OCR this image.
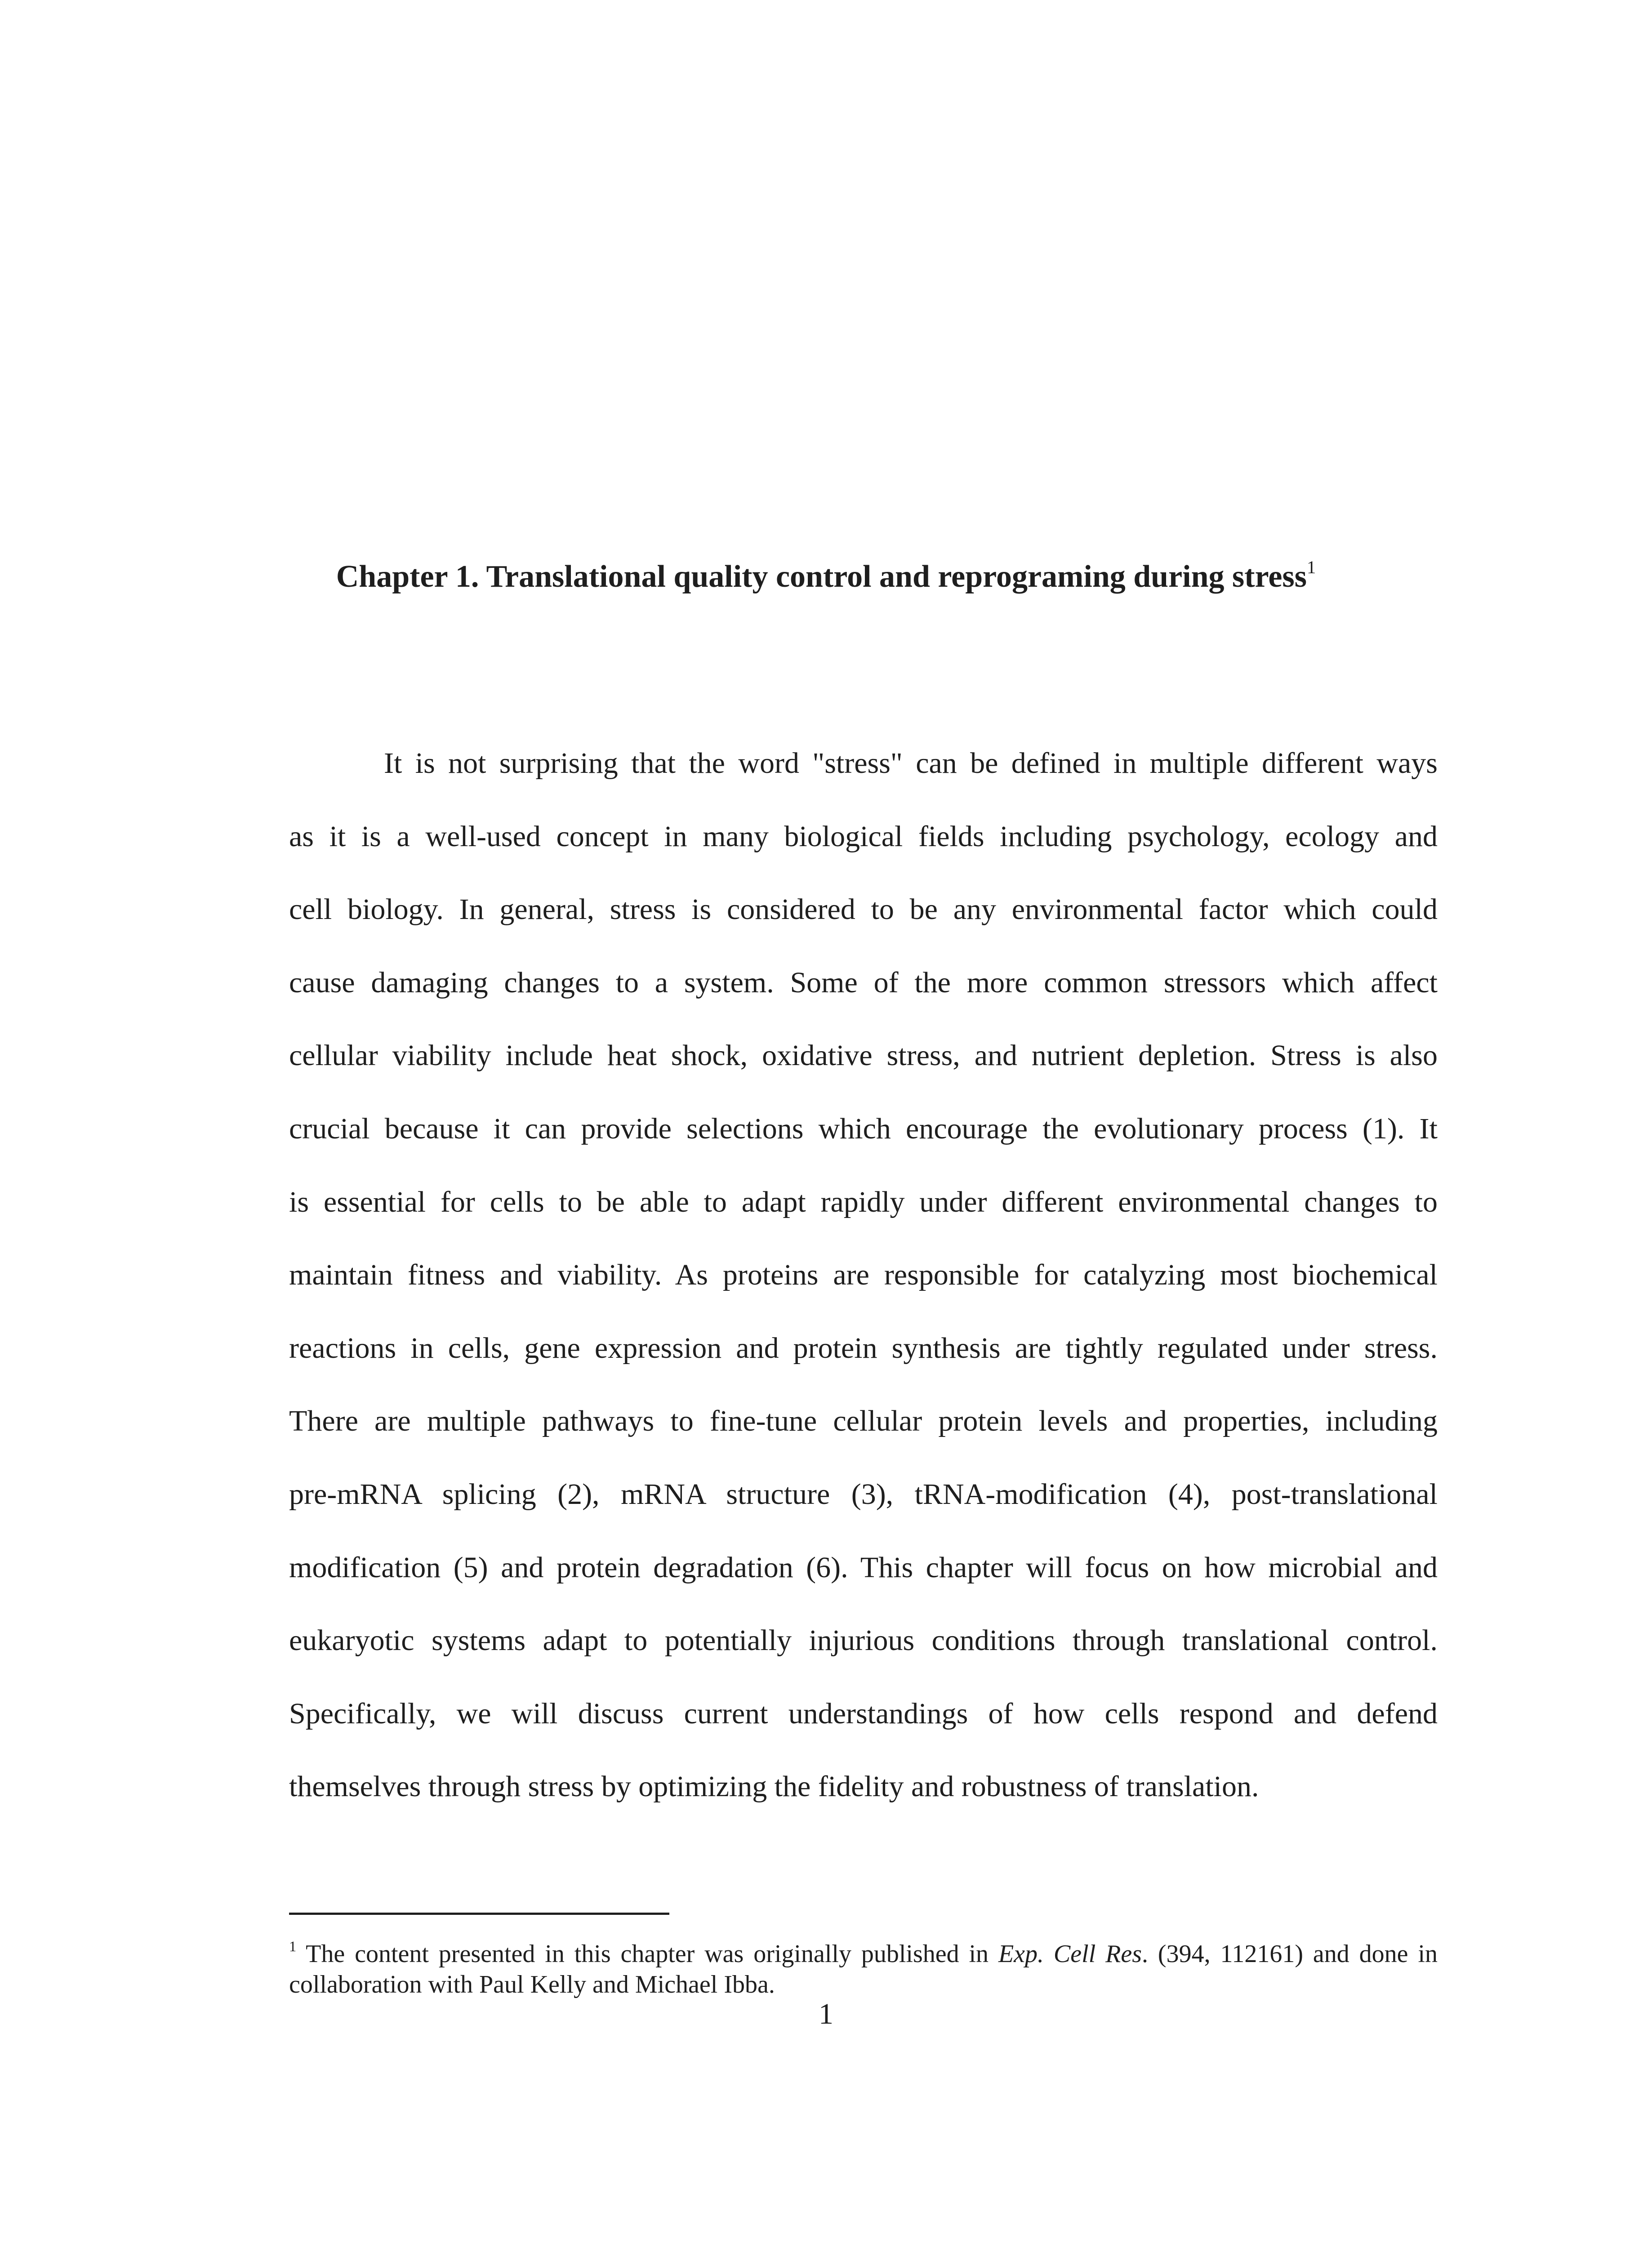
Chapter 1. Translational quality control and reprograming during stress$^1$
It is not surprising that the word "stress" can be defined in multiple different ways
as it is a well-used concept in many biological fields including psychology, ecology and
cell biology. In general, stress is considered to be any environmental factor which could
cause damaging changes to a system. Some of the more common stressors which affect
cellular viability include heat shock, oxidative stress, and nutrient depletion. Stress is also
crucial because it can provide selections which encourage the evolutionary process (1). It
is essential for cells to be able to adapt rapidly under different environmental changes to
maintain fitness and viability. As proteins are responsible for catalyzing most biochemical
reactions in cells, gene expression and protein synthesis are tightly regulated under stress.
There are multiple pathways to fine-tune cellular protein levels and properties, including
pre-mRNA splicing (2), mRNA structure (3), tRNA-modification (4), post-translational
modification (5) and protein degradation (6). This chapter will focus on how microbial and
eukaryotic systems adapt to potentially injurious conditions through translational control.
Specifically, we will discuss current understandings of how cells respond and defend
themselves through stress by optimizing the fidelity and robustness of translation.

$^1$ The content presented in this chapter was originally published in Exp. Cell Res. (394, 112161) and done in collaboration with Paul Kelly and Michael Ibba.

1
